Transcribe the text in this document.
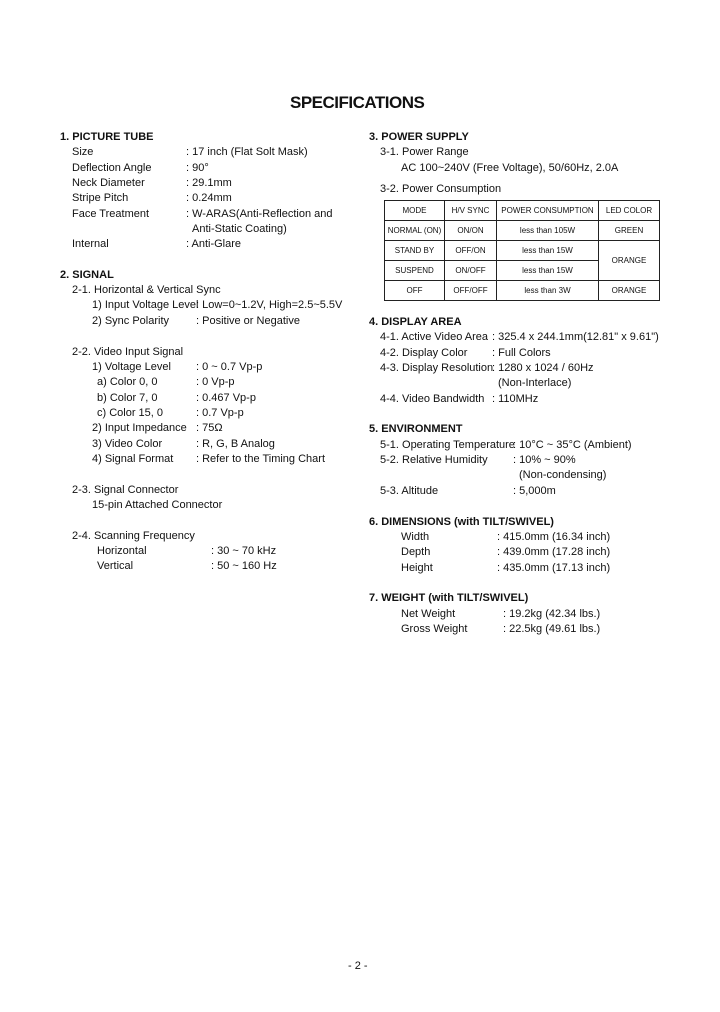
SPECIFICATIONS
1. PICTURE TUBE
Size	: 17 inch (Flat Solt Mask)
Deflection Angle	: 90°
Neck Diameter	: 29.1mm
Stripe Pitch	: 0.24mm
Face Treatment	: W-ARAS(Anti-Reflection and
Anti-Static Coating)
Internal	: Anti-Glare
2. SIGNAL
2-1. Horizontal & Vertical Sync
1) Input Voltage Level
: Low=0~1.2V, High=2.5~5.5V
2) Sync Polarity : Positive or Negative
2-2. Video Input Signal
1) Voltage Level : 0 ~ 0.7 Vp-p
a) Color 0, 0	: 0 Vp-p
b) Color 7, 0	: 0.467 Vp-p
c) Color 15, 0	: 0.7 Vp-p
2) Input Impedance : 75Ω
3) Video Color	: R, G, B Analog
4) Signal Format : Refer to the Timing Chart
2-3. Signal Connector
15-pin Attached Connector
2-4. Scanning Frequency
Horizontal	: 30 ~ 70 kHz
Vertical	: 50 ~ 160 Hz
3. POWER SUPPLY
3-1. Power Range
AC 100~240V (Free Voltage), 50/60Hz, 2.0A
3-2. Power Consumption
MODE	H/V SYNC	POWER CONSUMPTION	LED COLOR
NORMAL (ON)	ON/ON	less than 105W	GREEN
STAND BY	OFF/ON	less than 15W	ORANGE
SUSPEND	ON/OFF	less than 15W	
OFF	OFF/OFF	less than 3W	ORANGE
4. DISPLAY AREA
4-1. Active Video Area : 325.4 x 244.1mm(12.81" x 9.61")
4-2. Display Color : Full Colors
4-3. Display Resolution
: 1280 x 1024 / 60Hz
(Non-Interlace)
4-4. Video Bandwidth : 110MHz
5. ENVIRONMENT
5-1. Operating Temperature
: 10°C ~ 35°C (Ambient)
5-2. Relative Humidity : 10% ~ 90%
(Non-condensing)
5-3. Altitude	: 5,000m
6. DIMENSIONS (with TILT/SWIVEL)
Width	: 415.0mm (16.34 inch)
Depth	: 439.0mm (17.28 inch)
Height	: 435.0mm (17.13 inch)
7. WEIGHT (with TILT/SWIVEL)
Net Weight	: 19.2kg (42.34 lbs.)
Gross Weight	: 22.5kg (49.61 lbs.)
- 2 -
